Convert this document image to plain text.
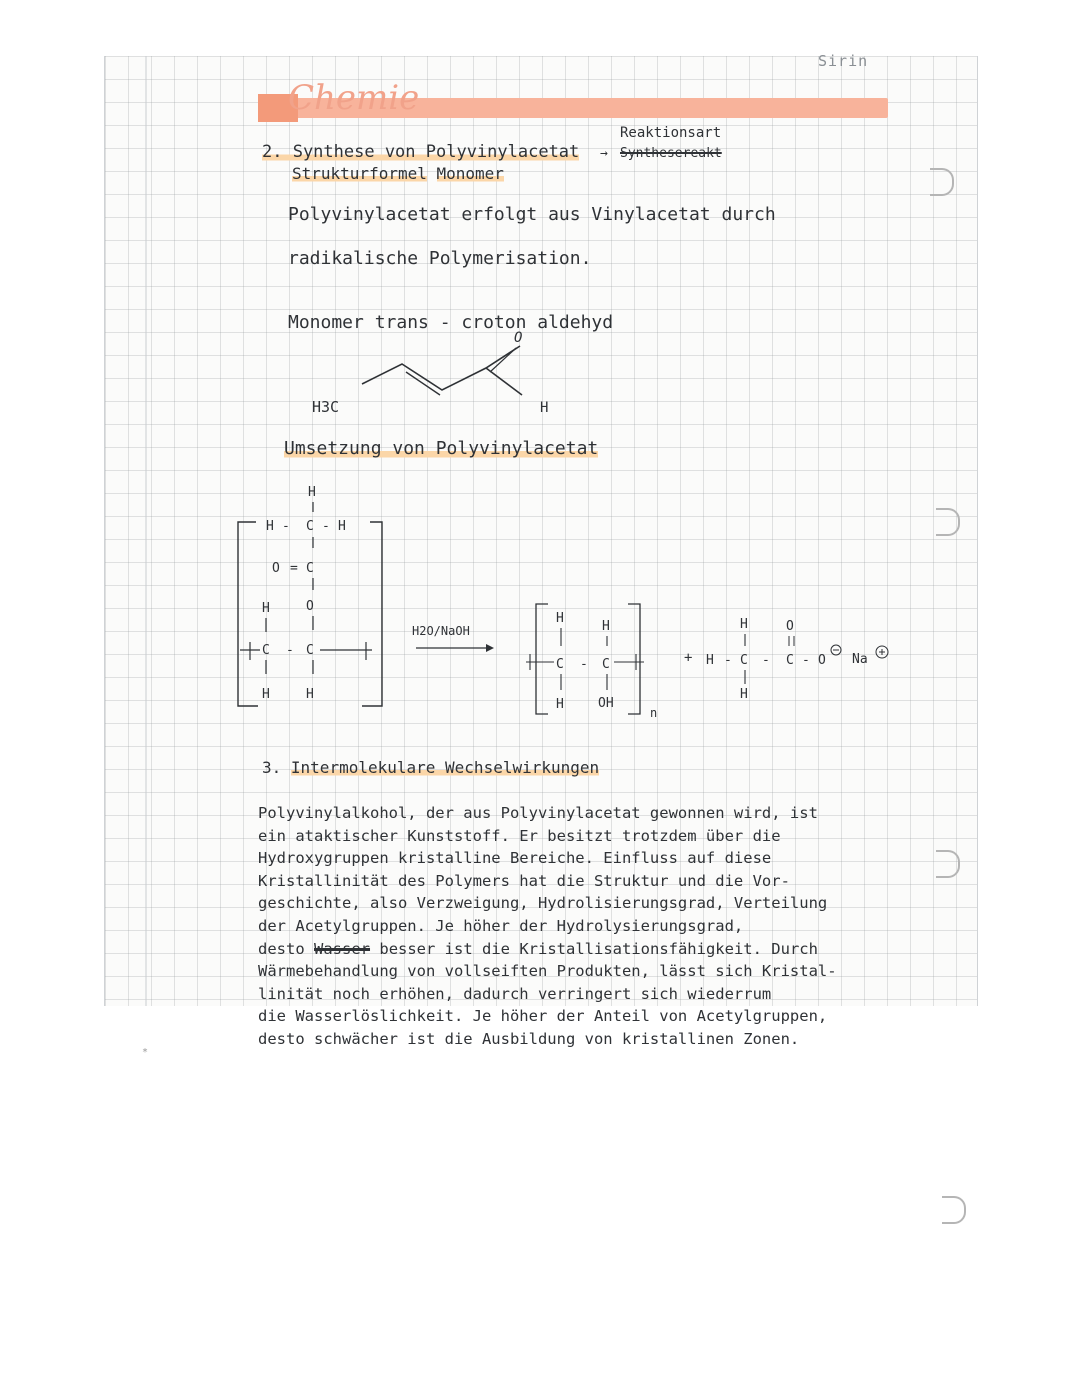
*
Sirin
Chemie
Reaktionsart
2. Synthese von Polyvinylacetat → Synthesereakt
Strukturformel Monomer
Polyvinylacetat erfolgt aus Vinylacetat durch
radikalische Polymerisation.
Monomer trans - croton aldehyd
H3C	H
O
Umsetzung von Polyvinylacetat
H
H - C - H
O = C
O
C
-
C
H
H	H
H2O/NaOH
H
H
C - C
H	OH
n
+
H
H - C - C - O
H
O
Na
3. Intermolekulare Wechselwirkungen
Polyvinylalkohol, der aus Polyvinylacetat gewonnen wird, ist
ein ataktischer Kunststoff. Er besitzt trotzdem über die
Hydroxygruppen kristalline Bereiche. Einfluss auf diese
Kristallinität des Polymers hat die Struktur und die Vor-
geschichte, also Verzweigung, Hydrolisierungsgrad, Verteilung
der Acetylgruppen. Je höher der Hydrolysierungsgrad,
desto Wasser besser ist die Kristallisationsfähigkeit. Durch
Wärmebehandlung von vollseiften Produkten, lässt sich Kristal-
linität noch erhöhen, dadurch verringert sich wiederrum
die Wasserlöslichkeit. Je höher der Anteil von Acetylgruppen,
desto schwächer ist die Ausbildung von kristallinen Zonen.
